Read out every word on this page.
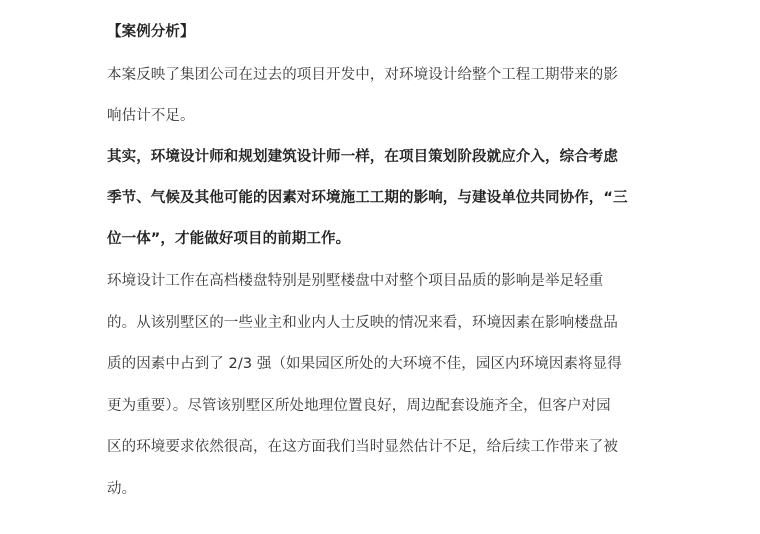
【案例分析】
本案反映了集团公司在过去的项目开发中，对环境设计给整个工程工期带来的影
响估计不足。
其实，环境设计师和规划建筑设计师一样，在项目策划阶段就应介入，综合考虑
季节、气候及其他可能的因素对环境施工工期的影响，与建设单位共同协作，“三
位一体”，才能做好项目的前期工作。
环境设计工作在高档楼盘特别是别墅楼盘中对整个项目品质的影响是举足轻重
的。从该别墅区的一些业主和业内人士反映的情况来看，环境因素在影响楼盘品
质的因素中占到了 2/3 强（如果园区所处的大环境不佳，园区内环境因素将显得
更为重要）。尽管该别墅区所处地理位置良好，周边配套设施齐全，但客户对园
区的环境要求依然很高，在这方面我们当时显然估计不足，给后续工作带来了被
动。
